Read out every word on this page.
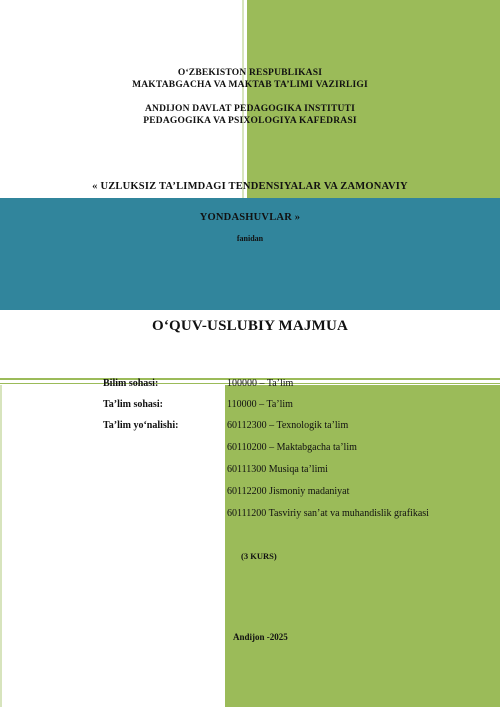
O‘ZBEKISTON RESPUBLIKASI
MAKTABGACHA VA MAKTAB TA’LIMI VAZIRLIGI
ANDIJON DAVLAT PEDAGOGIKA INSTITUTI
PEDAGOGIKA VA PSIXOLOGIYA KAFEDRASI
« UZLUKSIZ TA’LIMDAGI TENDENSIYALAR VA ZAMONAVIY
YONDASHUVLAR »
fanidan
O‘QUV-USLUBIY MAJMUA
Bilim sohasi:	100000 – Ta’lim
Ta’lim sohasi:	110000 – Ta’lim
Ta’lim yo‘nalishi:	60112300 – Texnologik ta’lim
60110200 – Maktabgacha ta’lim
60111300 Musiqa ta’limi
60112200 Jismoniy madaniyat
60111200 Tasviriy san’at va muhandislik grafikasi
(3 KURS)
Andijon -2025
